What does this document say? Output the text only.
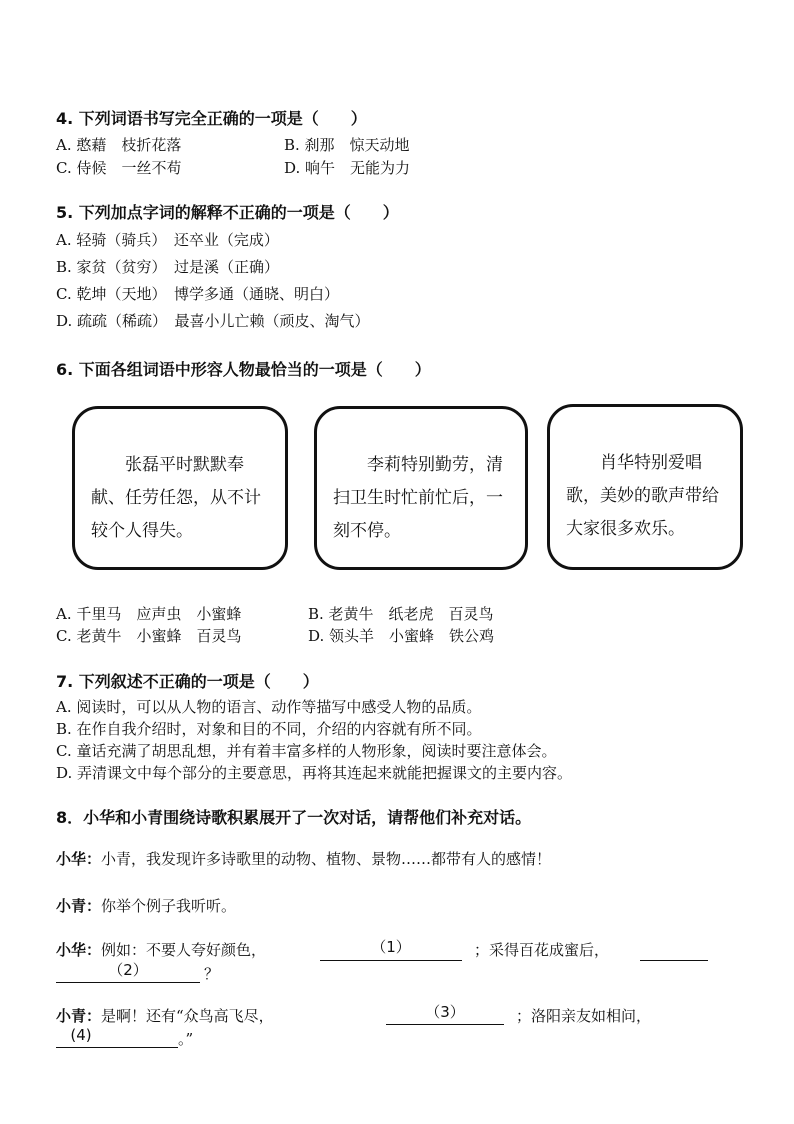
4. 下列词语书写完全正确的一项是（　　）
A. 憨藉　枝折花落	B. 刹那　惊天动地
C. 侍候　一丝不苟	D. 响午　无能为力
5. 下列加点字词的解释不正确的一项是（　　）
A. 轻骑（骑兵）　还卒业（完成）
B. 家贫（贫穷）　过是溪（正确）
C. 乾坤（天地）　博学多通（通晓、明白）
D. 疏疏（稀疏）　最喜小儿亡赖（顽皮、淘气）
6. 下面各组词语中形容人物最恰当的一项是（　　）
张磊平时默默奉献、任劳任怨，从不计较个人得失。
李莉特别勤劳，清扫卫生时忙前忙后，一刻不停。
肖华特别爱唱歌，美妙的歌声带给大家很多欢乐。
A. 千里马　应声虫　小蜜蜂	B. 老黄牛　纸老虎　百灵鸟
C. 老黄牛　小蜜蜂　百灵鸟	D. 领头羊　小蜜蜂　铁公鸡
7. 下列叙述不正确的一项是（　　）
A. 阅读时，可以从人物的语言、动作等描写中感受人物的品质。
B. 在作自我介绍时，对象和目的不同，介绍的内容就有所不同。
C. 童话充满了胡思乱想，并有着丰富多样的人物形象，阅读时要注意体会。
D. 弄清课文中每个部分的主要意思，再将其连起来就能把握课文的主要内容。
8．小华和小青围绕诗歌积累展开了一次对话，请帮他们补充对话。
小华：小青，我发现许多诗歌里的动物、植物、景物……都带有人的感情！
小青：你举个例子我听听。
小华：例如：不要人夸好颜色，	（1）	；采得百花成蜜后，
（2）	？
小青：是啊！还有“众鸟高飞尽，	（3）	；洛阳亲友如相问，
(4)	。”
